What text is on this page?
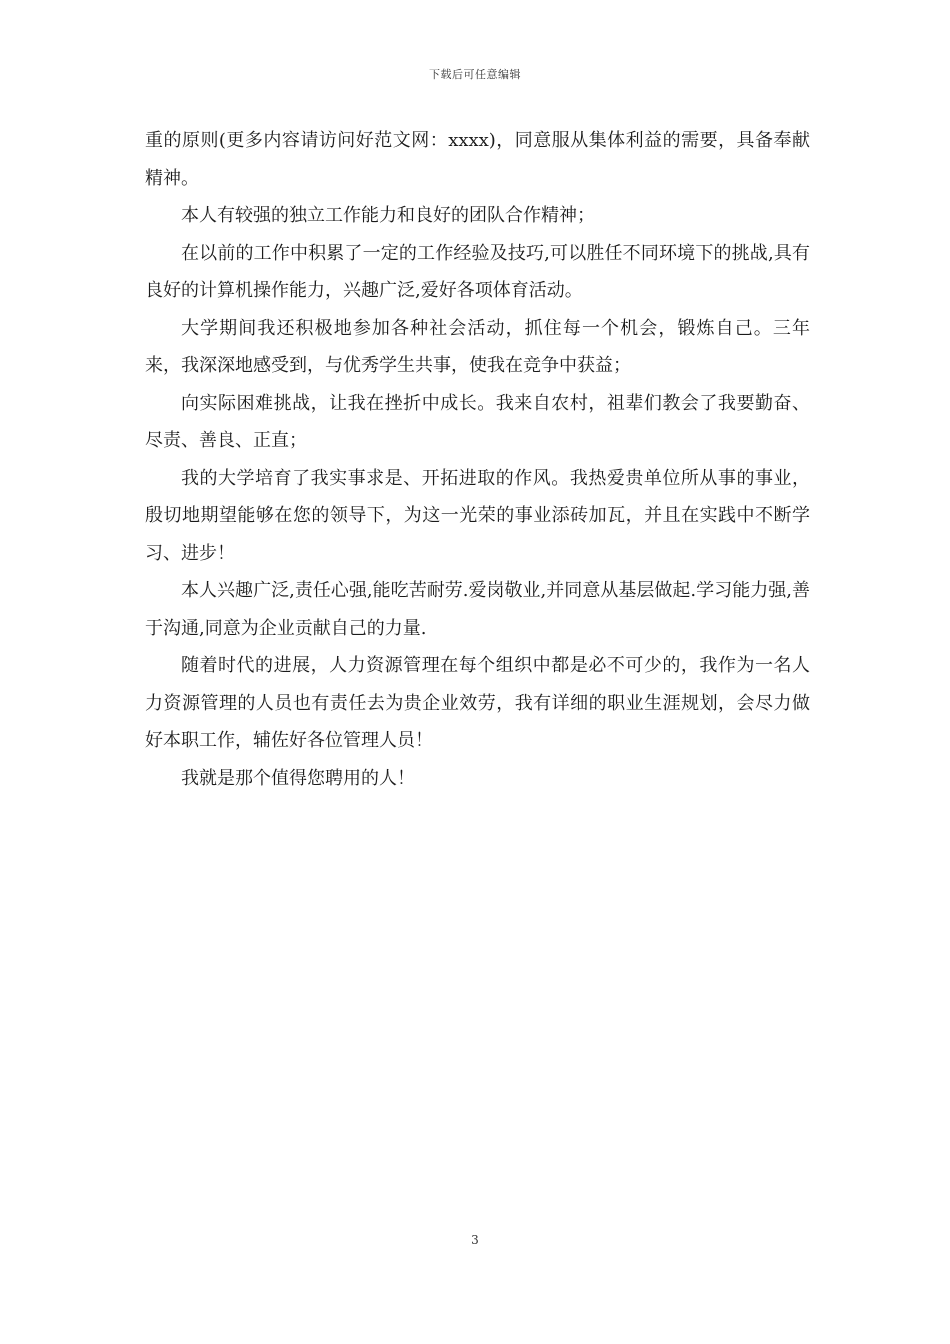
下载后可任意编辑

重的原则(更多内容请访问好范文网：xxxx)，同意服从集体利益的需要，具备奉献精神。

本人有较强的独立工作能力和良好的团队合作精神；

在以前的工作中积累了一定的工作经验及技巧,可以胜任不同环境下的挑战,具有良好的计算机操作能力，兴趣广泛,爱好各项体育活动。

大学期间我还积极地参加各种社会活动，抓住每一个机会，锻炼自己。三年来，我深深地感受到，与优秀学生共事，使我在竞争中获益；

向实际困难挑战，让我在挫折中成长。我来自农村，祖辈们教会了我要勤奋、尽责、善良、正直；

我的大学培育了我实事求是、开拓进取的作风。我热爱贵单位所从事的事业，殷切地期望能够在您的领导下，为这一光荣的事业添砖加瓦，并且在实践中不断学习、进步！

本人兴趣广泛,责任心强,能吃苦耐劳.爱岗敬业,并同意从基层做起.学习能力强,善于沟通,同意为企业贡献自己的力量.

随着时代的进展，人力资源管理在每个组织中都是必不可少的，我作为一名人力资源管理的人员也有责任去为贵企业效劳，我有详细的职业生涯规划，会尽力做好本职工作，辅佐好各位管理人员！

我就是那个值得您聘用的人！

3
